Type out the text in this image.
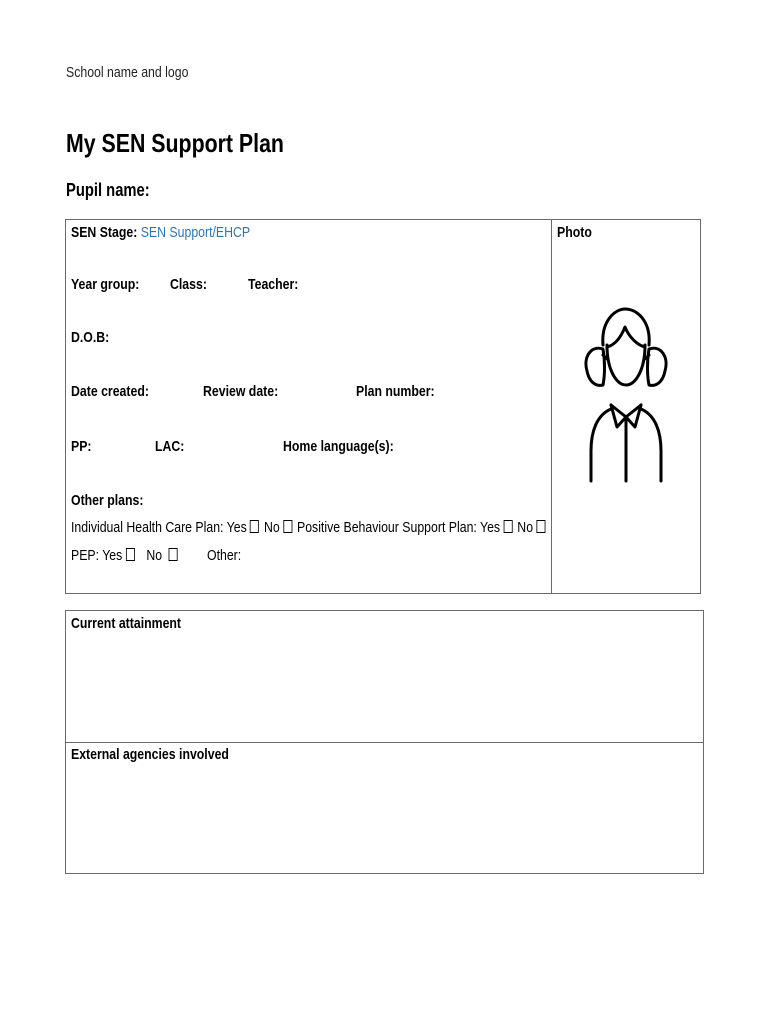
School name and logo
My SEN Support Plan
Pupil name:
SEN Stage: SEN Support/EHCP
Year group:	Class:	Teacher:
D.O.B:
Date created:	Review date:	Plan number:
PP:	LAC:	Home language(s):
Other plans:
Individual Health Care Plan: Yes No	Positive Behaviour Support Plan: Yes No
PEP: Yes No	Other:
Photo
Current attainment
External agencies involved
